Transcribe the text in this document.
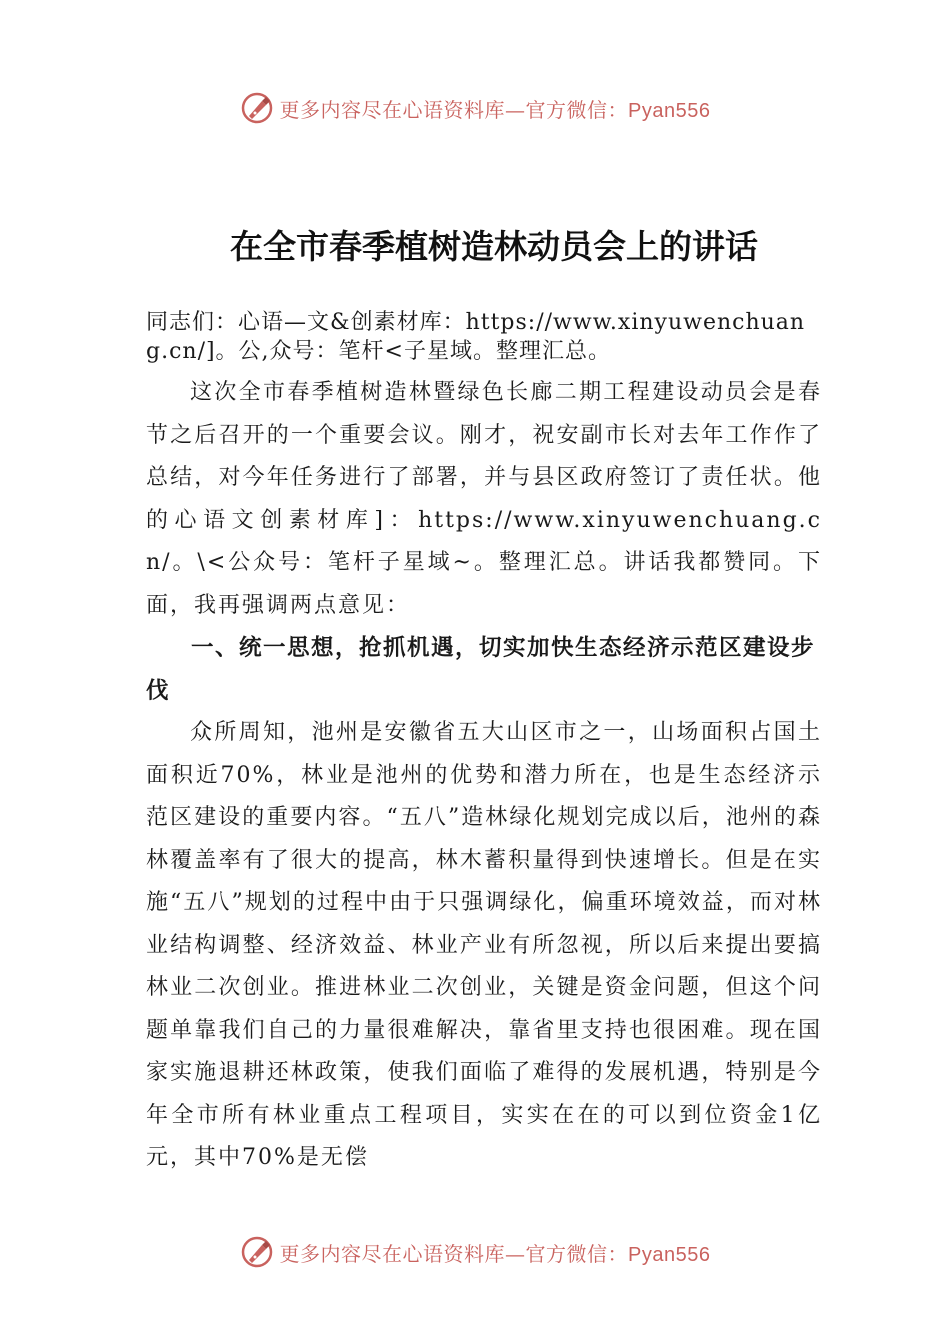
更多内容尽在心语资料库—官方微信：Pyan556
在全市春季植树造林动员会上的讲话

同志们：心语—文&创素材库：https://www.xinyuwenchuang.cn/]。公,众号：笔杆<子星域。整理汇总。

这次全市春季植树造林暨绿色长廊二期工程建设动员会是春节之后召开的一个重要会议。刚才，祝安副市长对去年工作作了总结，对今年任务进行了部署，并与县区政府签订了责任状。他的心语文创素材库]：https://www.xinyuwenchuang.cn/。\<公众号：笔杆子星域~。整理汇总。讲话我都赞同。下面，我再强调两点意见：

一、统一思想，抢抓机遇，切实加快生态经济示范区建设步伐

众所周知，池州是安徽省五大山区市之一，山场面积占国土面积近70%，林业是池州的优势和潜力所在，也是生态经济示范区建设的重要内容。“五八”造林绿化规划完成以后，池州的森林覆盖率有了很大的提高，林木蓄积量得到快速增长。但是在实施“五八”规划的过程中由于只强调绿化，偏重环境效益，而对林业结构调整、经济效益、林业产业有所忽视，所以后来提出要搞林业二次创业。推进林业二次创业，关键是资金问题，但这个问题单靠我们自己的力量很难解决，靠省里支持也很困难。现在国家实施退耕还林政策，使我们面临了难得的发展机遇，特别是今年全市所有林业重点工程项目，实实在在的可以到位资金1亿元，其中70%是无偿

更多内容尽在心语资料库—官方微信：Pyan556
